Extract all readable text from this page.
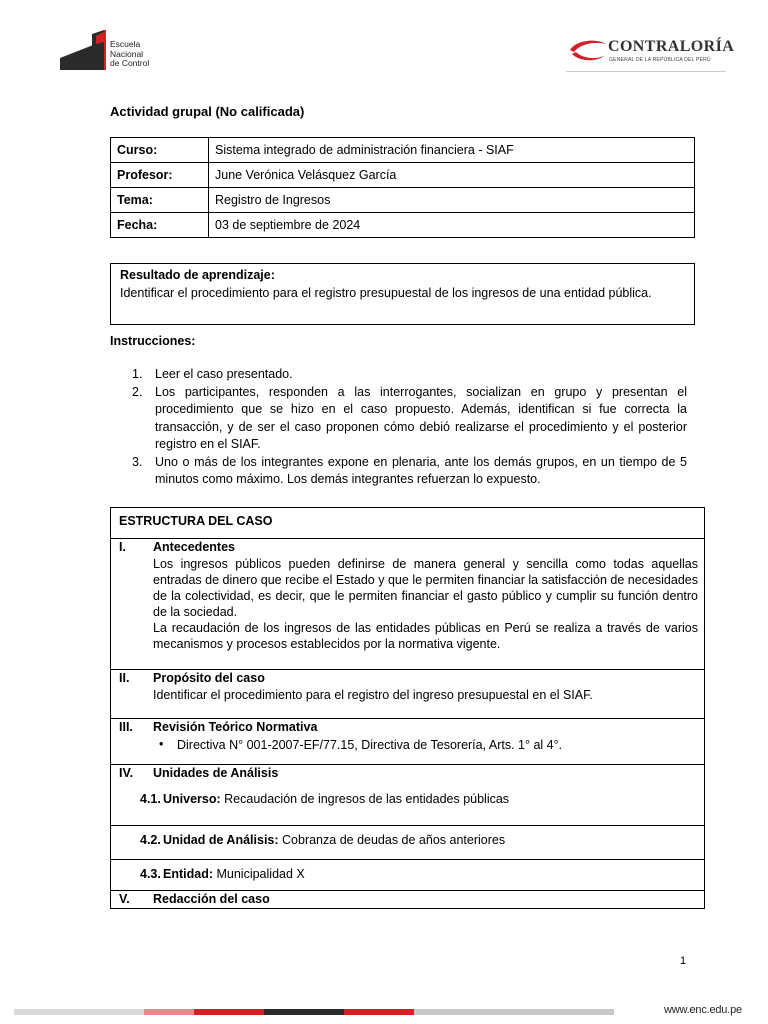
Escuela
Nacional
de Control
CONTRALORÍA
GENERAL DE LA REPÚBLICA DEL PERÚ
Actividad grupal (No calificada)
Curso:	Sistema integrado de administración financiera - SIAF
Profesor:	June Verónica Velásquez García
Tema:	Registro de Ingresos
Fecha:	03 de septiembre de 2024
Resultado de aprendizaje:
Identificar el procedimiento para el registro presupuestal de los ingresos de una entidad pública.
Instrucciones:
1. Leer el caso presentado.
2. Los participantes, responden a las interrogantes, socializan en grupo y presentan el procedimiento que se hizo en el caso propuesto. Además, identifican si fue correcta la transacción, y de ser el caso proponen cómo debió realizarse el procedimiento y el posterior registro en el SIAF.
3. Uno o más de los integrantes expone en plenaria, ante los demás grupos, en un tiempo de 5 minutos como máximo. Los demás integrantes refuerzan lo expuesto.
ESTRUCTURA DEL CASO
I. Antecedentes
Los ingresos públicos pueden definirse de manera general y sencilla como todas aquellas entradas de dinero que recibe el Estado y que le permiten financiar la satisfacción de necesidades de la colectividad, es decir, que le permiten financiar el gasto público y cumplir su función dentro de la sociedad.
La recaudación de los ingresos de las entidades públicas en Perú se realiza a través de varios mecanismos y procesos establecidos por la normativa vigente.
II. Propósito del caso
Identificar el procedimiento para el registro del ingreso presupuestal en el SIAF.
III. Revisión Teórico Normativa
• Directiva N° 001-2007-EF/77.15, Directiva de Tesorería, Arts. 1° al 4°.
IV. Unidades de Análisis
4.1. Universo: Recaudación de ingresos de las entidades públicas
4.2. Unidad de Análisis: Cobranza de deudas de años anteriores
4.3. Entidad: Municipalidad X
V. Redacción del caso
1
www.enc.edu.pe
